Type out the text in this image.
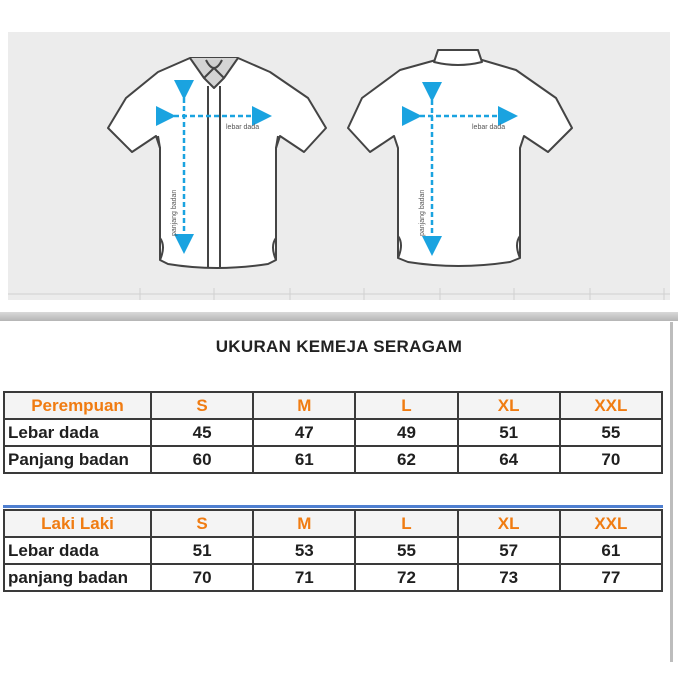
lebar dada
panjang badan
lebar dada
panjang badan
UKURAN KEMEJA SERAGAM
Perempuan	S	M	L	XL	XXL
Lebar dada	45	47	49	51	55
Panjang badan	60	61	62	64	70
Laki Laki	S	M	L	XL	XXL
Lebar dada	51	53	55	57	61
panjang badan	70	71	72	73	77
